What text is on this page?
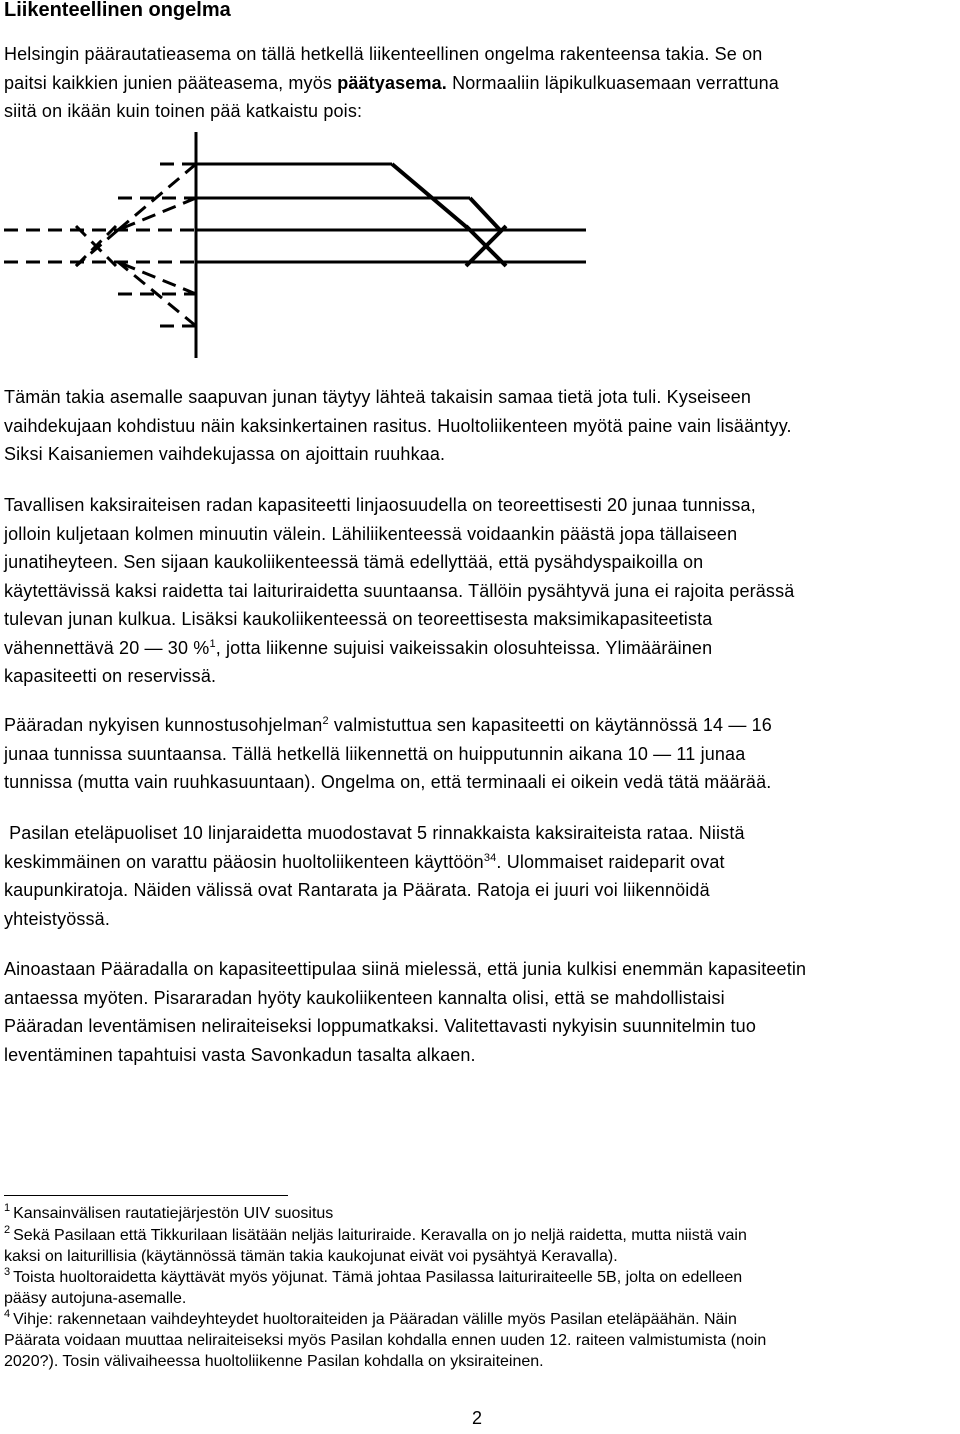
Liikenteellinen ongelma

Helsingin päärautatieasema on tällä hetkellä liikenteellinen ongelma rakenteensa takia. Se on
paitsi kaikkien junien pääteasema, myös päätyasema. Normaaliin läpikulkuasemaan verrattuna
siitä on ikään kuin toinen pää katkaistu pois:

Tämän takia asemalle saapuvan junan täytyy lähteä takaisin samaa tietä jota tuli. Kyseiseen
vaihdekujaan kohdistuu näin kaksinkertainen rasitus. Huoltoliikenteen myötä paine vain lisääntyy.
Siksi Kaisaniemen vaihdekujassa on ajoittain ruuhkaa.

Tavallisen kaksiraiteisen radan kapasiteetti linjaosuudella on teoreettisesti 20 junaa tunnissa,
jolloin kuljetaan kolmen minuutin välein. Lähiliikenteessä voidaankin päästä jopa tällaiseen
junatiheyteen. Sen sijaan kaukoliikenteessä tämä edellyttää, että pysähdyspaikoilla on
käytettävissä kaksi raidetta tai laituriraidetta suuntaansa. Tällöin pysähtyvä juna ei rajoita perässä
tulevan junan kulkua. Lisäksi kaukoliikenteessä on teoreettisesta maksimikapasiteetista
vähennettävä 20 — 30 %$^1$, jotta liikenne sujuisi vaikeissakin olosuhteissa. Ylimääräinen
kapasiteetti on reservissä.

Pääradan nykyisen kunnostusohjelman$^2$ valmistuttua sen kapasiteetti on käytännössä 14 — 16
junaa tunnissa suuntaansa. Tällä hetkellä liikennettä on huipputunnin aikana 10 — 11 junaa
tunnissa (mutta vain ruuhkasuuntaan). Ongelma on, että terminaali ei oikein vedä tätä määrää.

Pasilan eteläpuoliset 10 linjaraidetta muodostavat 5 rinnakkaista kaksiraiteista rataa. Niistä
keskimmäinen on varattu pääosin huoltoliikenteen käyttöön$^{34}$. Ulommaiset raideparit ovat
kaupunkiratoja. Näiden välissä ovat Rantarata ja Päärata. Ratoja ei juuri voi liikennöidä
yhteistyössä.

Ainoastaan Pääradalla on kapasiteettipulaa siinä mielessä, että junia kulkisi enemmän kapasiteetin
antaessa myöten. Pisararadan hyöty kaukoliikenteen kannalta olisi, että se mahdollistaisi
Pääradan leventämisen neliraiteiseksi loppumatkaksi. Valitettavasti nykyisin suunnitelmin tuo
leventäminen tapahtuisi vasta Savonkadun tasalta alkaen.

$^1$ Kansainvälisen rautatiejärjestön UIV suositus
$^2$ Sekä Pasilaan että Tikkurilaan lisätään neljäs laituriraide. Keravalla on jo neljä raidetta, mutta niistä vain
kaksi on laiturillisia (käytännössä tämän takia kaukojunat eivät voi pysähtyä Keravalla).
$^3$ Toista huoltoraidetta käyttävät myös yöjunat. Tämä johtaa Pasilassa laituriraiteelle 5B, jolta on edelleen
pääsy autojuna-asemalle.
$^4$ Vihje: rakennetaan vaihdeyhteydet huoltoraiteiden ja Pääradan välille myös Pasilan eteläpäähän. Näin
Päärata voidaan muuttaa neliraiteiseksi myös Pasilan kohdalla ennen uuden 12. raiteen valmistumista (noin
2020?). Tosin välivaiheessa huoltoliikenne Pasilan kohdalla on yksiraiteinen.
2
